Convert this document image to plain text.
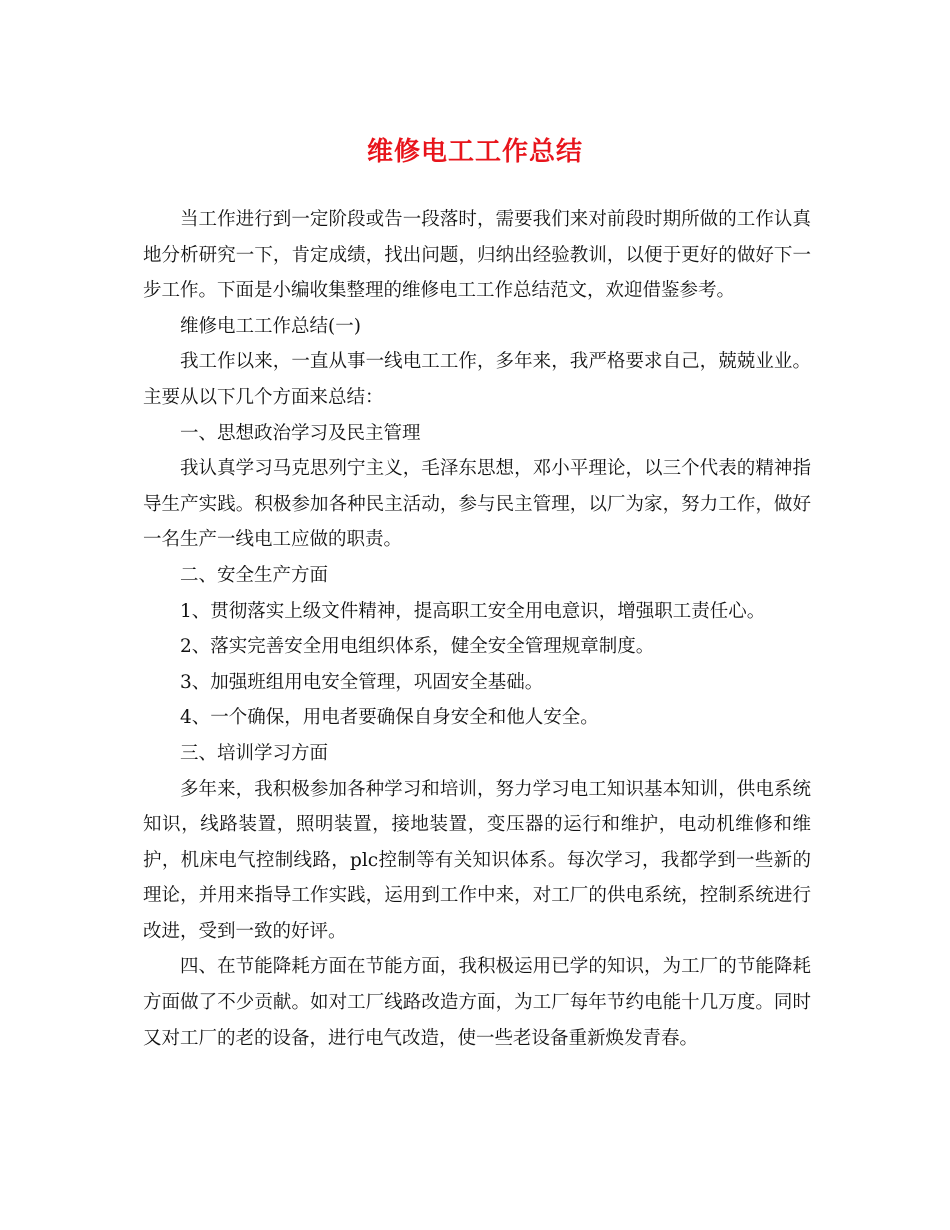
维修电工工作总结

当工作进行到一定阶段或告一段落时，需要我们来对前段时期所做的工作认真地分析研究一下，肯定成绩，找出问题，归纳出经验教训，以便于更好的做好下一步工作。下面是小编收集整理的维修电工工作总结范文，欢迎借鉴参考。

维修电工工作总结(一)

我工作以来，一直从事一线电工工作，多年来，我严格要求自己，兢兢业业。主要从以下几个方面来总结：

一、思想政治学习及民主管理

我认真学习马克思列宁主义，毛泽东思想，邓小平理论，以三个代表的精神指导生产实践。积极参加各种民主活动，参与民主管理，以厂为家，努力工作，做好一名生产一线电工应做的职责。

二、安全生产方面

1、贯彻落实上级文件精神，提高职工安全用电意识，增强职工责任心。

2、落实完善安全用电组织体系，健全安全管理规章制度。

3、加强班组用电安全管理，巩固安全基础。

4、一个确保，用电者要确保自身安全和他人安全。

三、培训学习方面

多年来，我积极参加各种学习和培训，努力学习电工知识基本知训，供电系统知识，线路装置，照明装置，接地装置，变压器的运行和维护，电动机维修和维护，机床电气控制线路，plc控制等有关知识体系。每次学习，我都学到一些新的理论，并用来指导工作实践，运用到工作中来，对工厂的供电系统，控制系统进行改进，受到一致的好评。

四、在节能降耗方面在节能方面，我积极运用已学的知识，为工厂的节能降耗方面做了不少贡献。如对工厂线路改造方面，为工厂每年节约电能十几万度。同时又对工厂的老的设备，进行电气改造，使一些老设备重新焕发青春。
